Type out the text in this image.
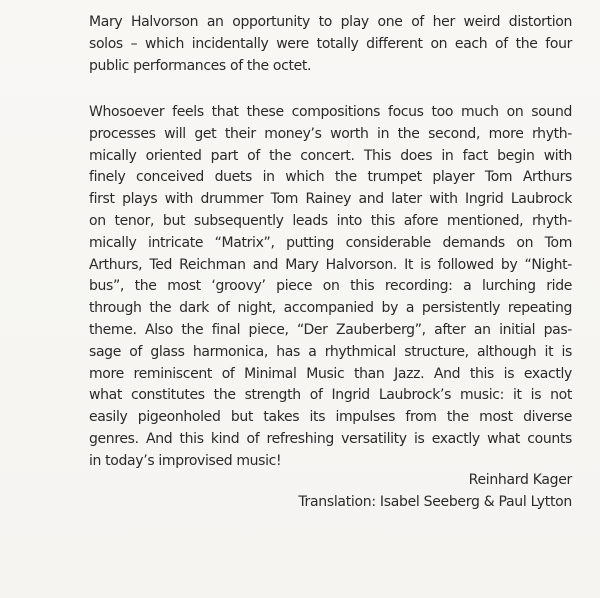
Mary Halvorson an opportunity to play one of her weird distortion
solos – which incidentally were totally different on each of the four
public performances of the octet.
Whosoever feels that these compositions focus too much on sound
processes will get their money’s worth in the second, more rhyth-
mically oriented part of the concert. This does in fact begin with
finely conceived duets in which the trumpet player Tom Arthurs
first plays with drummer Tom Rainey and later with Ingrid Laubrock
on tenor, but subsequently leads into this afore mentioned, rhyth-
mically intricate “Matrix”, putting considerable demands on Tom
Arthurs, Ted Reichman and Mary Halvorson. It is followed by “Night-
bus”, the most ‘groovy’ piece on this recording: a lurching ride
through the dark of night, accompanied by a persistently repeating
theme. Also the final piece, “Der Zauberberg”, after an initial pas-
sage of glass harmonica, has a rhythmical structure, although it is
more reminiscent of Minimal Music than Jazz. And this is exactly
what constitutes the strength of Ingrid Laubrock’s music: it is not
easily pigeonholed but takes its impulses from the most diverse
genres. And this kind of refreshing versatility is exactly what counts
in today’s improvised music!
Reinhard Kager
Translation: Isabel Seeberg & Paul Lytton
